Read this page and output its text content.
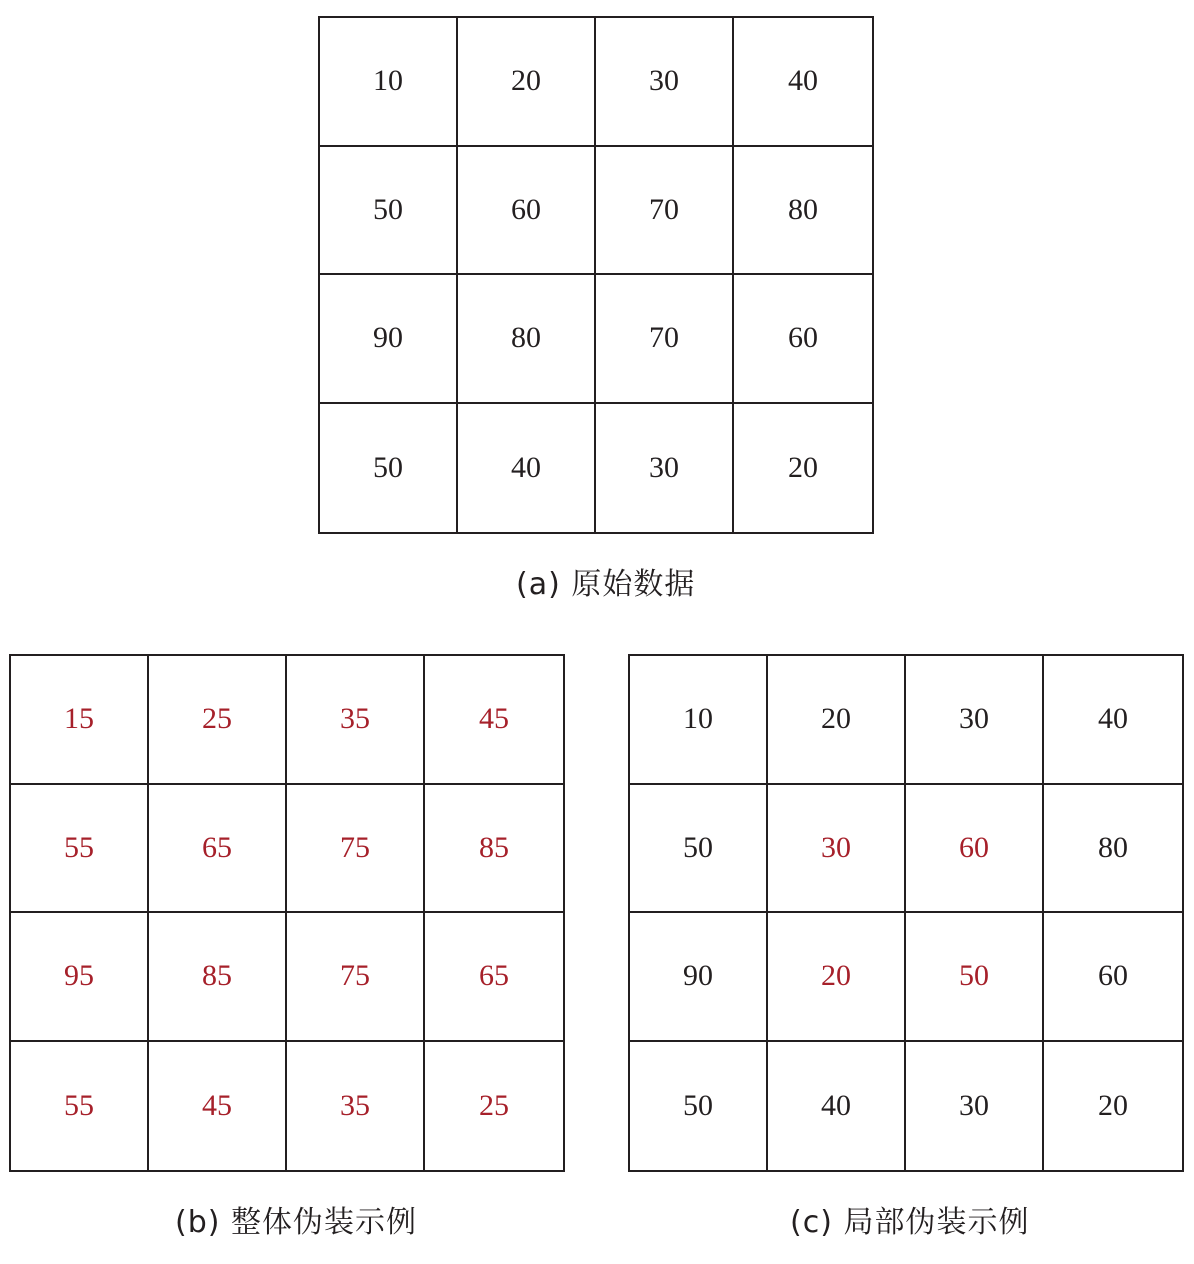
10	20	30	40
50	60	70	80
90	80	70	60
50	40	30	20
(a) 原始数据
15	25	35	45
55	65	75	85
95	85	75	65
55	45	35	25
(b) 整体伪装示例
10	20	30	40
50	30	60	80
90	20	50	60
50	40	30	20
(c) 局部伪装示例
